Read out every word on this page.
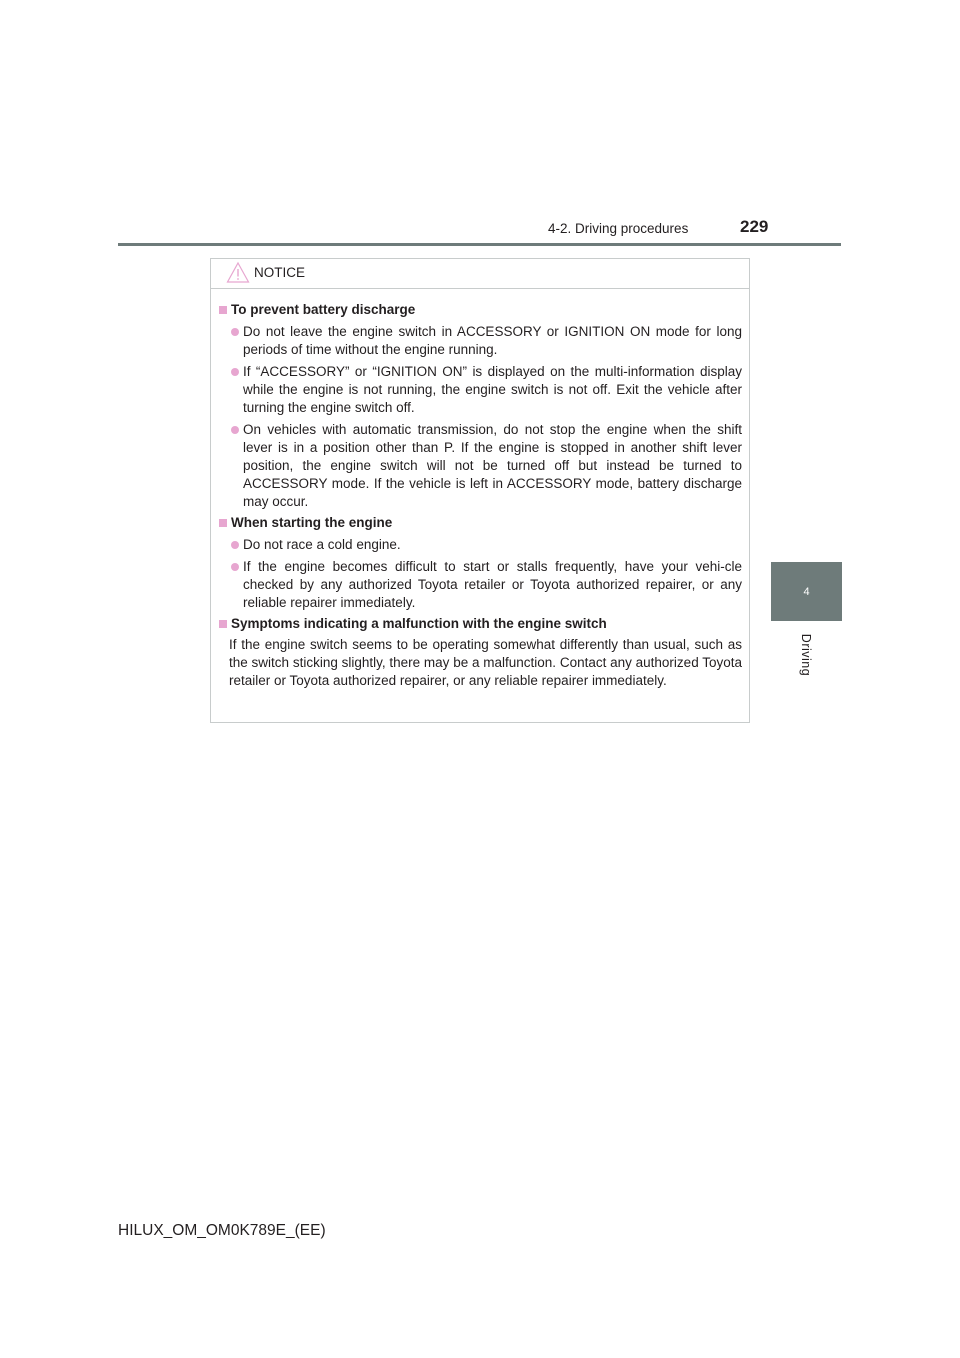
4-2. Driving procedures	229
4
Driving
NOTICE
To prevent battery discharge
Do not leave the engine switch in ACCESSORY or IGNITION ON mode for long periods of time without the engine running.
If “ACCESSORY” or “IGNITION ON” is displayed on the multi-information display while the engine is not running, the engine switch is not off. Exit the vehicle after turning the engine switch off.
On vehicles with automatic transmission, do not stop the engine when the shift lever is in a position other than P. If the engine is stopped in another shift lever position, the engine switch will not be turned off but instead be turned to ACCESSORY mode. If the vehicle is left in ACCESSORY mode, battery discharge may occur.
When starting the engine
Do not race a cold engine.
If the engine becomes difficult to start or stalls frequently, have your vehi-cle checked by any authorized Toyota retailer or Toyota authorized repairer, or any reliable repairer immediately.
Symptoms indicating a malfunction with the engine switch
If the engine switch seems to be operating somewhat differently than usual, such as the switch sticking slightly, there may be a malfunction. Contact any authorized Toyota retailer or Toyota authorized repairer, or any reliable repairer immediately.
HILUX_OM_OM0K789E_(EE)
